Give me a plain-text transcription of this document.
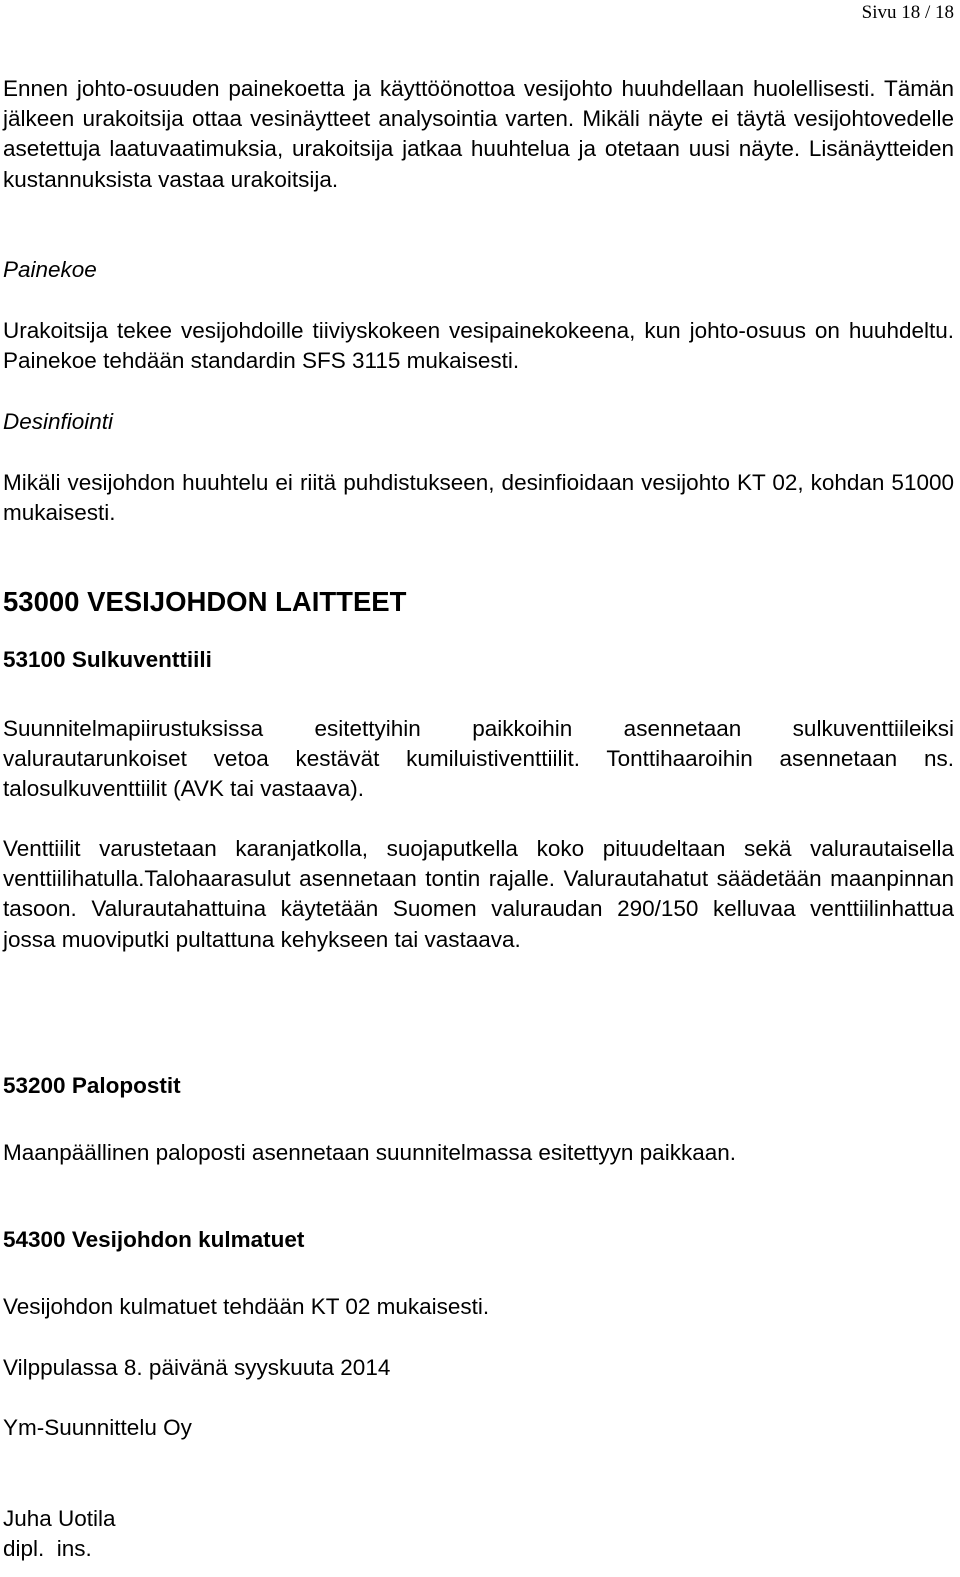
Sivu 18 / 18

Ennen johto-osuuden painekoetta ja käyttöönottoa vesijohto huuhdellaan huolellisesti. Tämän jälkeen urakoitsija ottaa vesinäytteet analysointia varten. Mikäli näyte ei täytä vesijohtovedelle asetettuja laatuvaatimuksia, urakoitsija jatkaa huuhtelua ja otetaan uusi näyte. Lisänäytteiden kustannuksista vastaa urakoitsija.

Painekoe

Urakoitsija tekee vesijohdoille tiiviyskokeen vesipainekokeena, kun johto-osuus on huuhdeltu. Painekoe tehdään standardin SFS 3115 mukaisesti.

Desinfiointi

Mikäli vesijohdon huuhtelu ei riitä puhdistukseen, desinfioidaan vesijohto KT 02, kohdan 51000 mukaisesti.

53000 VESIJOHDON LAITTEET
53100 Sulkuventtiili

Suunnitelmapiirustuksissa esitettyihin paikkoihin asennetaan sulkuventtiileiksi valurautarunkoiset vetoa kestävät kumiluistiventtiilit. Tonttihaaroihin asennetaan ns. talosulkuventtiilit (AVK tai vastaava).

Venttiilit varustetaan karanjatkolla, suojaputkella koko pituudeltaan sekä valurautaisella venttiilihatulla.Talohaarasulut asennetaan tontin rajalle. Valurautahatut säädetään maanpinnan tasoon. Valurautahattuina käytetään Suomen valuraudan 290/150 kelluvaa venttiilinhattua jossa muoviputki pultattuna kehykseen tai vastaava.

53200 Palopostit

Maanpäällinen paloposti asennetaan suunnitelmassa esitettyyn paikkaan.

54300 Vesijohdon kulmatuet

Vesijohdon kulmatuet tehdään KT 02 mukaisesti.

Vilppulassa 8. päivänä syyskuuta 2014

Ym-Suunnittelu Oy

Juha Uotila

dipl.  ins.
